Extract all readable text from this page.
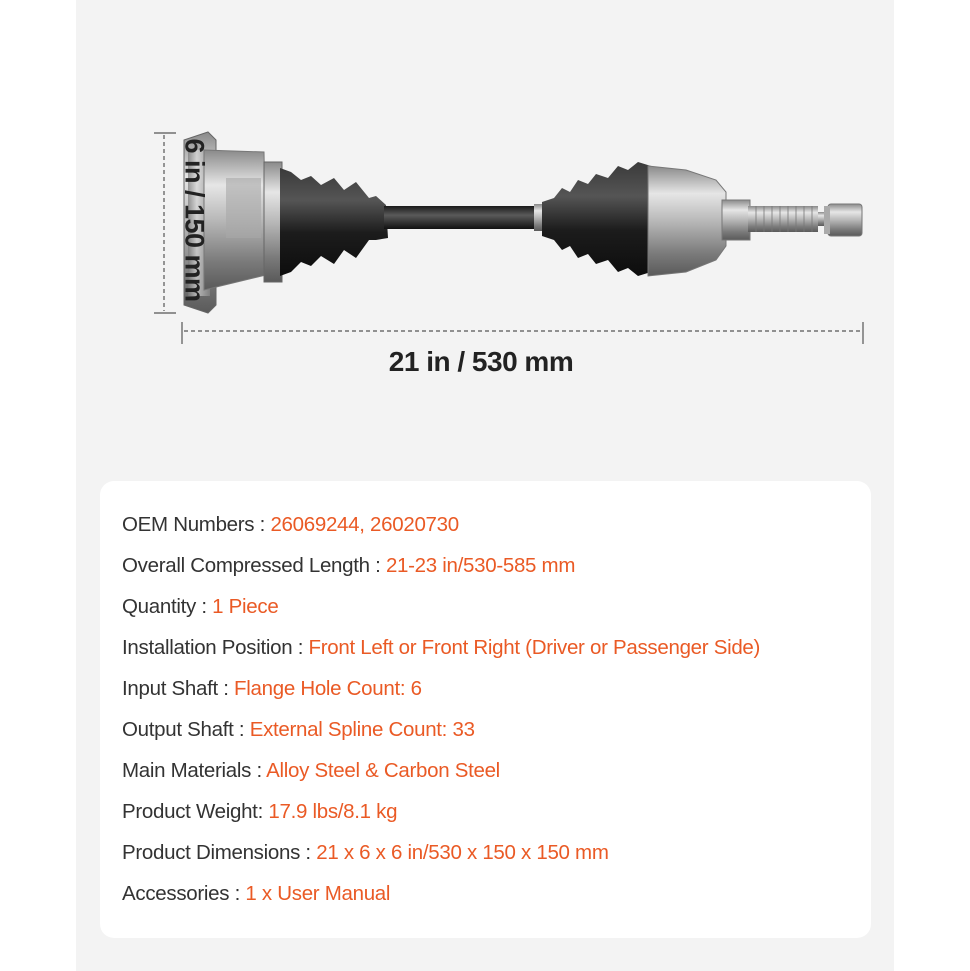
6 in / 150 mm
21 in / 530 mm
OEM Numbers : 26069244, 26020730
Overall Compressed Length : 21-23 in/530-585 mm
Quantity : 1 Piece
Installation Position : Front Left or Front Right (Driver or Passenger Side)
Input Shaft : Flange Hole Count: 6
Output Shaft : External Spline Count: 33
Main Materials : Alloy Steel & Carbon Steel
Product Weight: 17.9 lbs/8.1 kg
Product Dimensions : 21 x 6 x 6 in/530 x 150 x 150 mm
Accessories : 1 x User Manual
